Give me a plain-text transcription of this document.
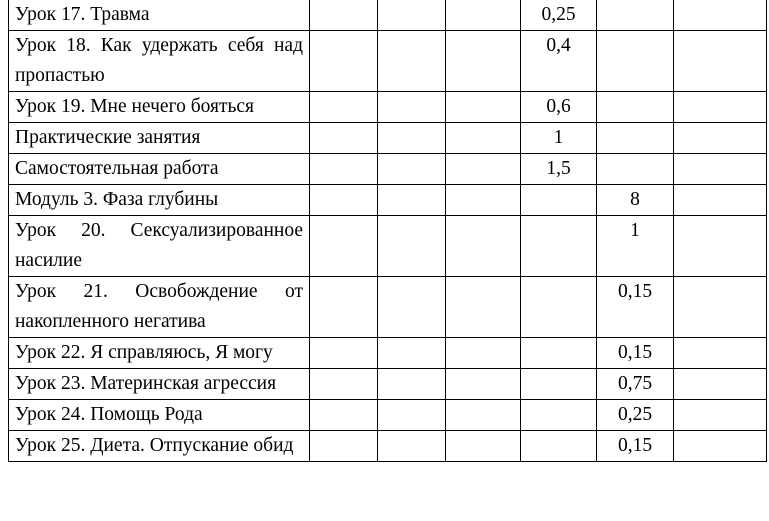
Урок 17. Травма				0,25		
Урок 18. Как удержать себя над пропастью				0,4		
Урок 19. Мне нечего бояться				0,6		
Практические занятия				1		
Самостоятельная работа				1,5		
Модуль 3. Фаза глубины					8	
Урок 20. Сексуализированное насилие					1	
Урок 21. Освобождение от накопленного негатива					0,15	
Урок 22. Я справляюсь, Я могу					0,15	
Урок 23. Материнская агрессия					0,75	
Урок 24. Помощь Рода					0,25	
Урок 25. Диета. Отпускание обид					0,15	
